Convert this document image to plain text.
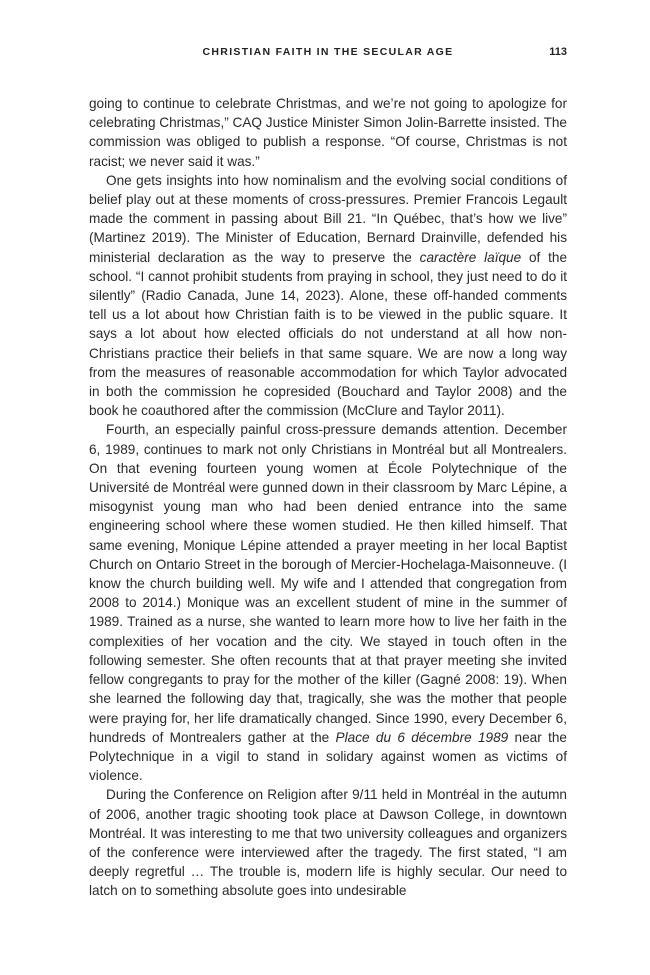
CHRISTIAN FAITH IN THE SECULAR AGE	113

going to continue to celebrate Christmas, and we’re not going to apologize for celebrating Christmas,” CAQ Justice Minister Simon Jolin-Barrette insisted. The commission was obliged to publish a response. “Of course, Christmas is not racist; we never said it was.”

One gets insights into how nominalism and the evolving social conditions of belief play out at these moments of cross-pressures. Premier Francois Legault made the comment in passing about Bill 21. “In Québec, that’s how we live” (Martinez 2019). The Minister of Education, Bernard Drainville, defended his ministerial declaration as the way to preserve the caractère laïque of the school. “I cannot prohibit students from praying in school, they just need to do it silently” (Radio Canada, June 14, 2023). Alone, these off-handed comments tell us a lot about how Christian faith is to be viewed in the public square. It says a lot about how elected officials do not understand at all how non-Christians practice their beliefs in that same square. We are now a long way from the measures of reasonable accommodation for which Taylor advocated in both the commission he copresided (Bouchard and Taylor 2008) and the book he coauthored after the commission (McClure and Taylor 2011).

Fourth, an especially painful cross-pressure demands attention. December 6, 1989, continues to mark not only Christians in Montréal but all Montrealers. On that evening fourteen young women at École Polytechnique of the Université de Montréal were gunned down in their classroom by Marc Lépine, a misogynist young man who had been denied entrance into the same engineering school where these women studied. He then killed himself. That same evening, Monique Lépine attended a prayer meeting in her local Baptist Church on Ontario Street in the borough of Mercier-Hochelaga-Maisonneuve. (I know the church building well. My wife and I attended that congregation from 2008 to 2014.) Monique was an excellent student of mine in the summer of 1989. Trained as a nurse, she wanted to learn more how to live her faith in the complexities of her vocation and the city. We stayed in touch often in the following semester. She often recounts that at that prayer meeting she invited fellow congregants to pray for the mother of the killer (Gagné 2008: 19). When she learned the following day that, tragically, she was the mother that people were praying for, her life dramatically changed. Since 1990, every December 6, hundreds of Montrealers gather at the Place du 6 décembre 1989 near the Polytechnique in a vigil to stand in solidary against women as victims of violence.

During the Conference on Religion after 9/11 held in Montréal in the autumn of 2006, another tragic shooting took place at Dawson College, in downtown Montréal. It was interesting to me that two university colleagues and organizers of the conference were interviewed after the tragedy. The first stated, “I am deeply regretful … The trouble is, modern life is highly secular. Our need to latch on to something absolute goes into undesirable
